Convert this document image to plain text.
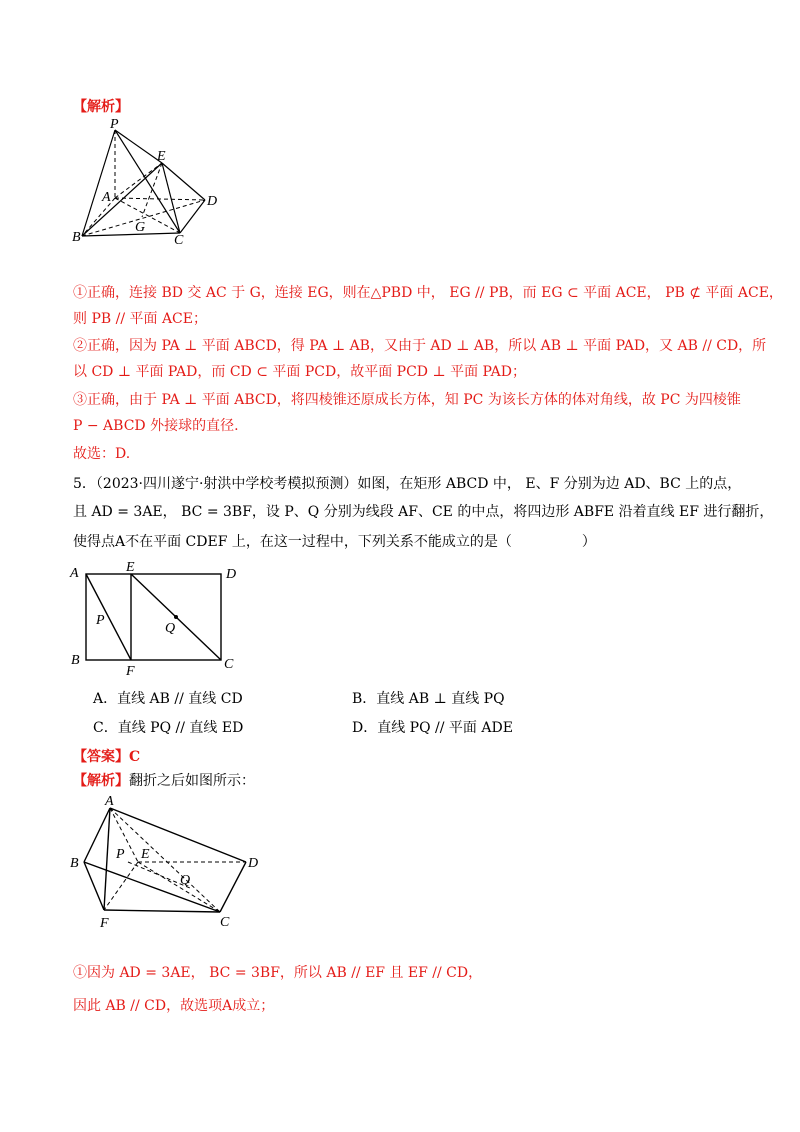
【解析】
P
E
A	D
G
B	C
①正确，连接 BD 交 AC 于 G，连接 EG，则在△PBD 中， EG // PB，而 EG ⊂ 平面 ACE， PB ⊄ 平面 ACE，
则 PB // 平面 ACE；
②正确，因为 PA ⊥ 平面 ABCD，得 PA ⊥ AB，又由于 AD ⊥ AB，所以 AB ⊥ 平面 PAD，又 AB // CD，所
以 CD ⊥ 平面 PAD，而 CD ⊂ 平面 PCD，故平面 PCD ⊥ 平面 PAD；
③正确，由于 PA ⊥ 平面 ABCD，将四棱锥还原成长方体，知 PC 为该长方体的体对角线，故 PC 为四棱锥
P − ABCD 外接球的直径.
故选：D.
5．（2023·四川遂宁·射洪中学校考模拟预测）如图，在矩形 ABCD 中， E、F 分别为边 AD、BC 上的点，
且 AD = 3AE， BC = 3BF，设 P、Q 分别为线段 AF、CE 的中点，将四边形 ABFE 沿着直线 EF 进行翻折，
使得点A不在平面 CDEF 上，在这一过程中，下列关系不能成立的是（　　　　　）
A	E	D
P
Q
B
F	C
A．直线 AB // 直线 CD	B．直线 AB ⊥ 直线 PQ
C．直线 PQ // 直线 ED	D．直线 PQ // 平面 ADE
【答案】C
【解析】翻折之后如图所示：
A
B
P E
D
Q
F	C
①因为 AD = 3AE， BC = 3BF，所以 AB // EF 且 EF // CD，
因此 AB // CD，故选项A成立；
